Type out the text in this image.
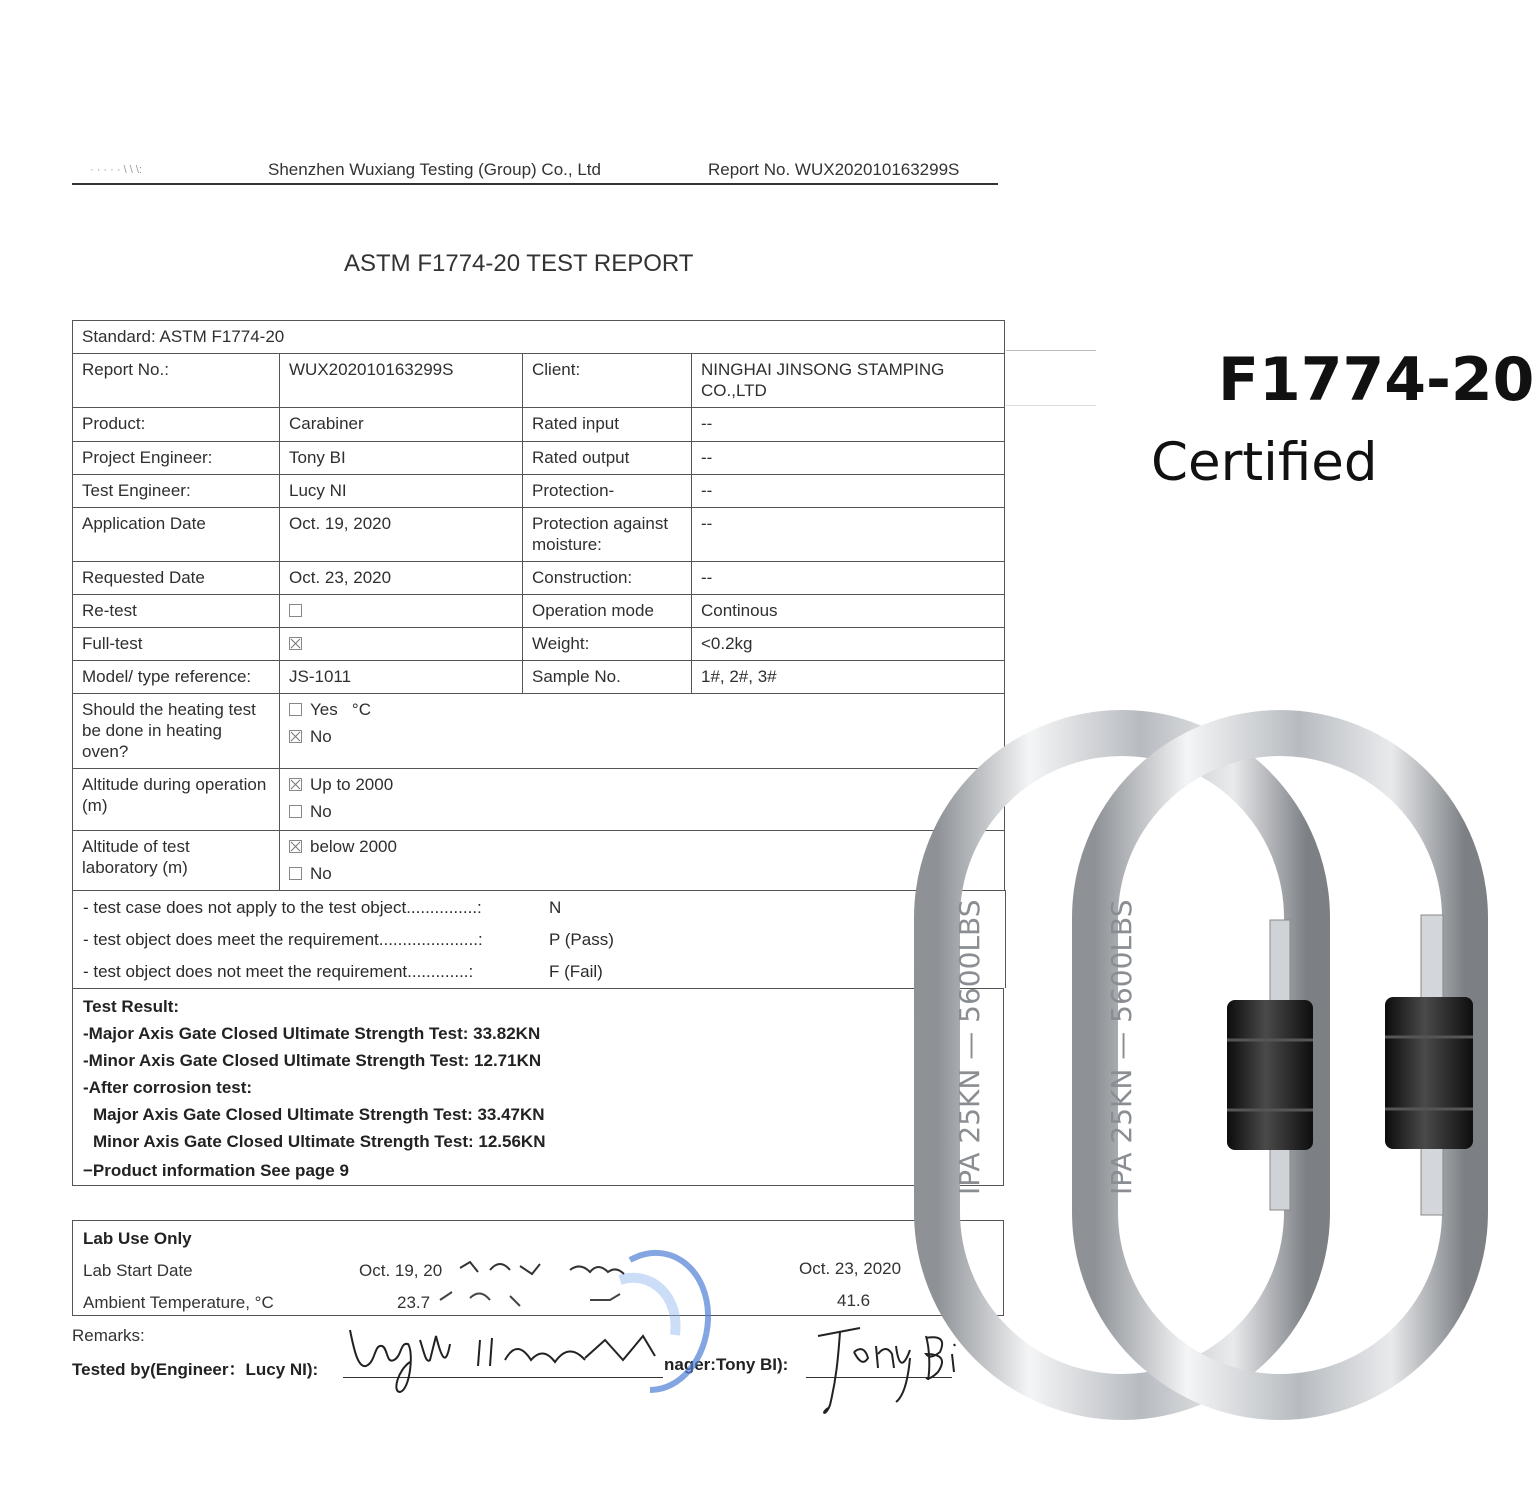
· · · · · \ \ \:	Shenzhen Wuxiang Testing (Group) Co., Ltd	Report No. WUX202010163299S
ASTM F1774-20 TEST REPORT
Standard: ASTM F1774-20			
Report No.:	WUX202010163299S	Client:	NINGHAI JINSONG STAMPING CO.,LTD
Product:	Carabiner	Rated input	--
Project Engineer:	Tony BI	Rated output	--
Test Engineer:	Lucy NI	Protection-	--
Application Date	Oct. 19, 2020	Protection against moisture:	--
Requested Date	Oct. 23, 2020	Construction:	--
Re-test		Operation mode	Continous
Full-test		Weight:	<0.2kg
Model/ type reference:	JS-1011	Sample No.	1#, 2#, 3#
Should the heating test be done in heating oven?	Yes   °C
No		

Altitude during operation (m)	Up to 2000
No		

Altitude of test laboratory (m)	below 2000
No		
- test case does not apply to the test object...............:	N
- test object does meet the requirement.....................:	P (Pass)
- test object does not meet the requirement.............:	F (Fail)
Test Result:
-Major Axis Gate Closed Ultimate Strength Test: 33.82KN
-Minor Axis Gate Closed Ultimate Strength Test: 12.71KN
-After corrosion test:
Major Axis Gate Closed Ultimate Strength Test: 33.47KN
Minor Axis Gate Closed Ultimate Strength Test: 12.56KN
−Product information See page 9
Lab Use Only
Lab Start Date	Oct. 19, 20	Oct. 23, 2020
Ambient Temperature, °C	23.7	41.6
Remarks:
Tested by(Engineer：Lucy NI):	nager:Tony BI):
IPA 25KN — 5600LBS	IPA 25KN — 5600LBS
F1774-20
Certified
